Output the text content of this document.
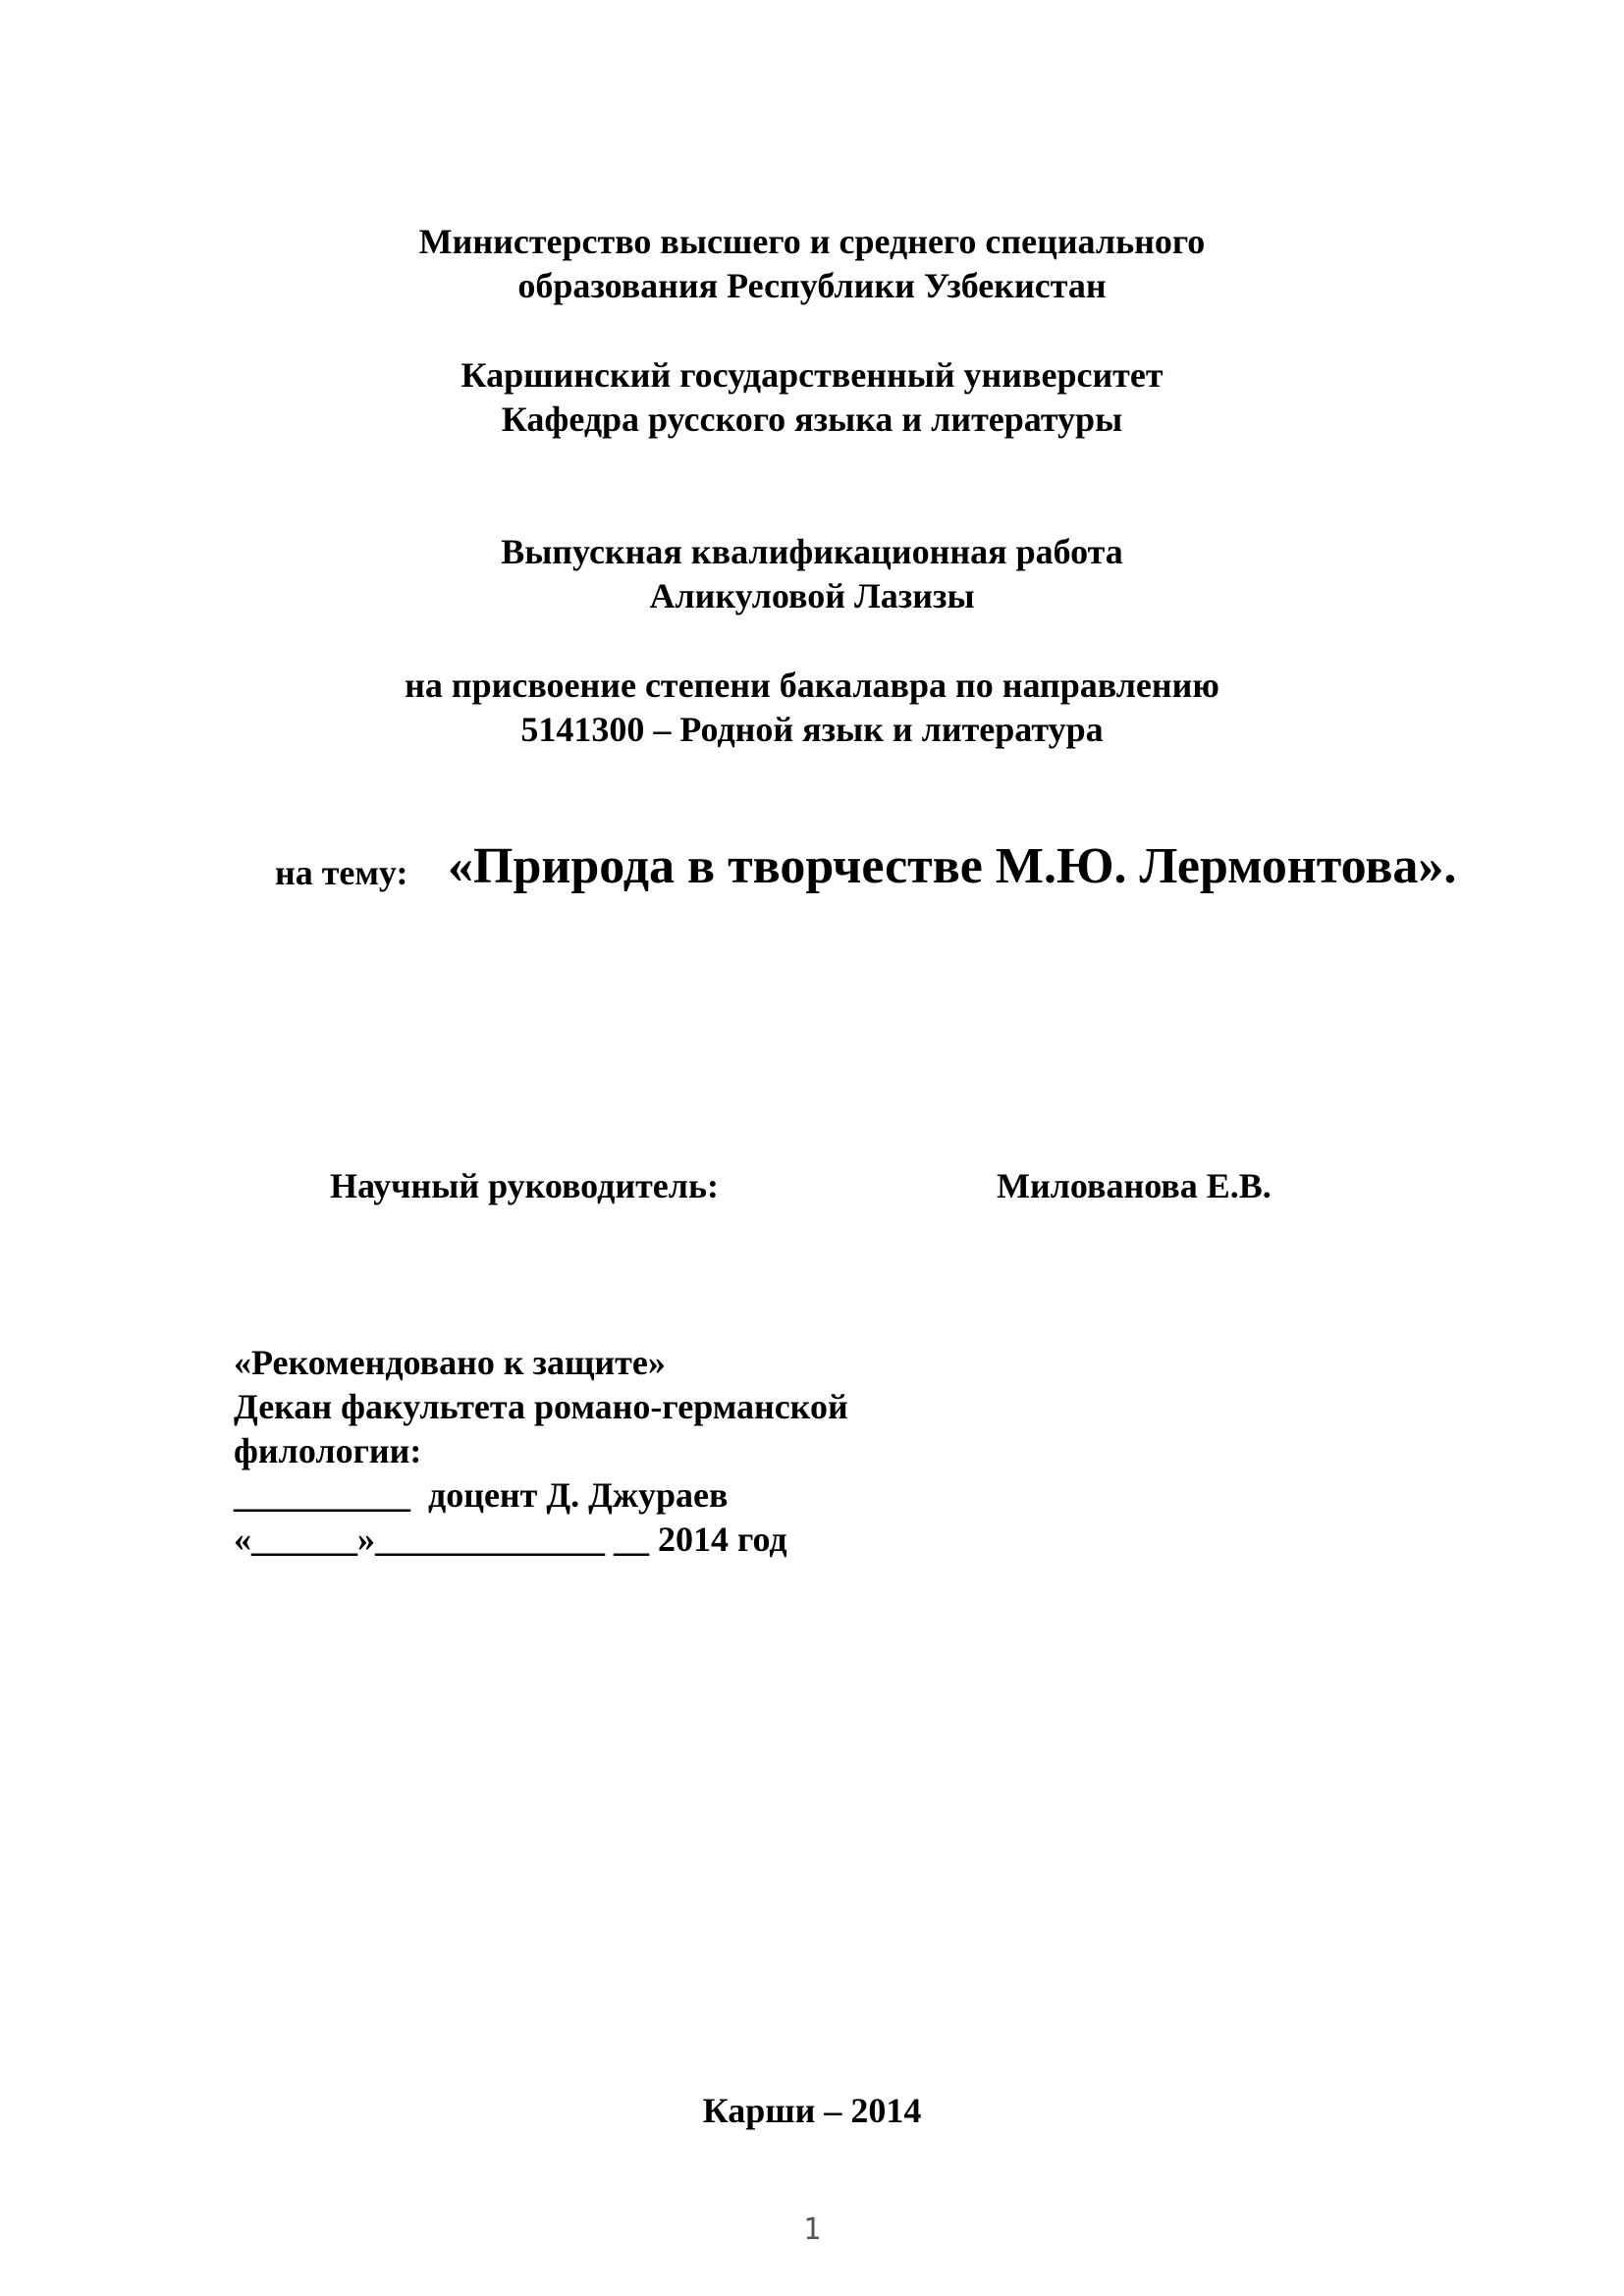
Министерство высшего и среднего специального
образования Республики Узбекистан
Каршинский государственный университет
Кафедра русского языка и литературы
Выпускная квалификационная работа
Аликуловой Лазизы
на присвоение степени бакалавра по направлению
5141300 – Родной язык и литература
на тему: «Природа в творчестве М.Ю. Лермонтова».
Научный руководитель:	Милованова Е.В.
«Рекомендовано к защите»
Декан факультета романо-германской
филологии:
__________  доцент Д. Джураев
«______»_____________ __ 2014 год
Карши – 2014
1
